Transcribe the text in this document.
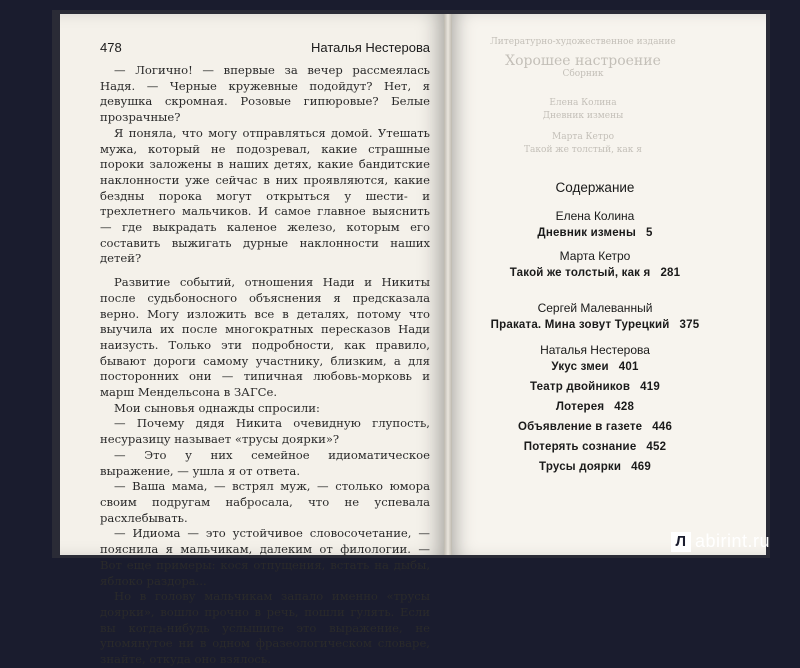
478	Наталья Нестерова

— Логично! — впервые за вечер рассмеялась Надя. — Черные кружевные подойдут? Нет, я девушка скромная. Розовые гипюровые? Белые прозрачные?

Я поняла, что могу отправляться домой. Утешать мужа, который не подозревал, какие страшные пороки заложены в наших детях, какие бандитские наклонности уже сейчас в них проявляются, какие бездны порока могут открыться у шести- и трехлетнего мальчиков. И самое главное выяснить — где выкрадать каленое железо, которым его составить выжигать дурные наклонности наших детей?

Развитие событий, отношения Нади и Никиты после судьбоносного объяснения я предсказала верно. Могу изложить все в деталях, потому что выучила их после многократных пересказов Нади наизусть. Только эти подробности, как правило, бывают дороги самому участнику, близким, а для посторонних они — типичная любовь-морковь и марш Мендельсона в ЗАГСе.

Мои сыновья однажды спросили:

— Почему дядя Никита очевидную глупость, несуразицу называет «трусы доярки»?

— Это у них семейное идиоматическое выражение, — ушла я от ответа.

— Ваша мама, — встрял муж, — столько юмора своим подругам набросала, что не успевала расхлебывать.

— Идиома — это устойчивое словосочетание, — пояснила я мальчикам, далеким от филологии. — Вот еще примеры: кося отпущения, встать на дыбы, яблоко раздора...

Но в голову мальчикам запало именно «трусы доярки», вошло прочно в речь, пошли гулять. Если вы когда-нибудь услышите это выражение, не упомянутое ни в одном фразеологическом словаре, знайте, откуда оно взялось.

Литературно-художественное издание
Хорошее настроение
Сборник
Елена Колина
Дневник измены
Марта Кетро
Такой же толстый, как я
Содержание
Елена Колина
Дневник измены 5
Марта Кетро
Такой же толстый, как я 281
Сергей Малеванный
Праката. Мина зовут Турецкий 375
Наталья Нестерова
Укус змеи 401
Театр двойников 419
Лотерея 428
Объявление в газете 446
Потерять сознание 452
Трусы доярки 469
Л abirint.ru
